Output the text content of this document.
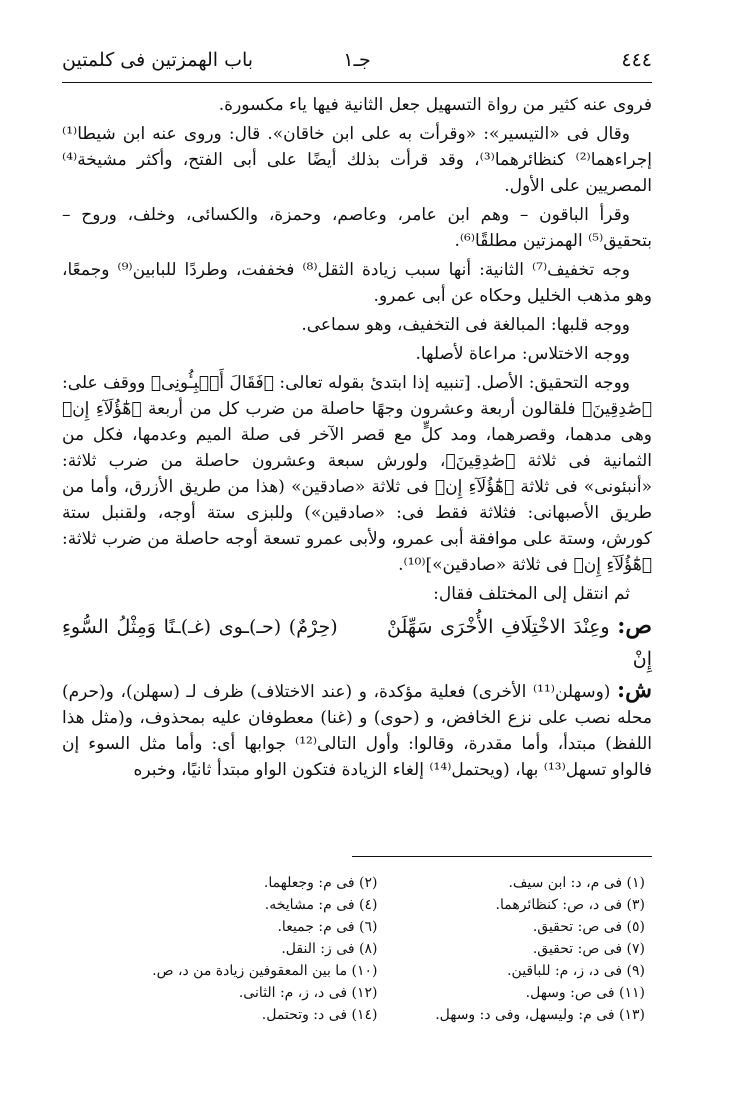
٤٤٤
جـ١
باب الهمزتين فى كلمتين

فروى عنه كثير من رواة التسهيل جعل الثانية فيها ياء مكسورة.

وقال فى «التيسير»: «وقرأت به على ابن خاقان». قال: وروى عنه ابن شيطا⁽¹⁾ إجراءهما⁽²⁾ كنظائرهما⁽³⁾، وقد قرأت بذلك أيضًا على أبى الفتح، وأكثر مشيخة⁽⁴⁾ المصريين على الأول.

وقرأ الباقون – وهم ابن عامر، وعاصم، وحمزة، والكسائى، وخلف، وروح – بتحقيق⁽⁵⁾ الهمزتين مطلقًا⁽⁶⁾.

وجه تخفيف⁽⁷⁾ الثانية: أنها سبب زيادة الثقل⁽⁸⁾ فخففت، وطردًا للبابين⁽⁹⁾ وجمعًا، وهو مذهب الخليل وحكاه عن أبى عمرو.

ووجه قلبها: المبالغة فى التخفيف، وهو سماعى.

ووجه الاختلاس: مراعاة لأصلها.

ووجه التحقيق: الأصل. [تنبيه إذا ابتدئ بقوله تعالى: ﴿فَقَالَ أَنۢبِـُٔونِى﴾ ووقف على: ﴿صَٰدِقِينَ﴾ فلقالون أربعة وعشرون وجهًا حاصلة من ضرب كل من أربعة ﴿هَٰٓؤُلَآءِ إِن﴾ وهى مدهما، وقصرهما، ومد كلٍّ مع قصر الآخر فى صلة الميم وعدمها، فكل من الثمانية فى ثلاثة ﴿صَٰدِقِينَ﴾، ولورش سبعة وعشرون حاصلة من ضرب ثلاثة: «أنبئونى» فى ثلاثة ﴿هَٰٓؤُلَآءِ إِن﴾ فى ثلاثة «صادقين» (هذا من طريق الأزرق، وأما من طريق الأصبهانى: فثلاثة فقط فى: «صادقين») وللبزى ستة أوجه، ولقنبل ستة كورش، وستة على موافقة أبى عمرو، ولأبى عمرو تسعة أوجه حاصلة من ضرب ثلاثة: ﴿هَٰٓؤُلَآءِ إِن﴾ فى ثلاثة «صادقين»]⁽¹⁰⁾.

ثم انتقل إلى المختلف فقال:

ص: وعِنْدَ الاخْتِلَافِ الأُخْرَى سَهِّلَنْ  (حِرْمٌ) (حـ)ـوى (غـ)ـنًا وَمِثْلُ السُّوءِ إِنْ

ش: (وسهلن⁽¹¹⁾ الأخرى) فعلية مؤكدة، و (عند الاختلاف) ظرف لـ (سهلن)، و(حرم) محله نصب على نزع الخافض، و (حوى) و (غنا) معطوفان عليه بمحذوف، و(مثل هذا اللفظ) مبتدأ، وأما مقدرة، وقالوا: وأول التالى⁽¹²⁾ جوابها أى: وأما مثل السوء إن فالواو تسهل⁽¹³⁾ بها، (ويحتمل⁽¹⁴⁾ إلغاء الزيادة فتكون الواو مبتدأ ثانيًا، وخبره

(١) فى م، د: ابن سيف.
(٢) فى م: وجعلهما.
(٣) فى د، ص: كنظائرهما.
(٤) فى م: مشايخه.
(٥) فى ص: تحقيق.
(٦) فى م: جميعا.
(٧) فى ص: تحقيق.
(٨) فى ز: النقل.
(٩) فى د، ز، م: للباقين.
(١٠) ما بين المعقوفين زيادة من د، ص.
(١١) فى ص: وسهل.
(١٢) فى د، ز، م: الثانى.
(١٣) فى م: وليسهل، وفى د: وسهل.
(١٤) فى د: وتحتمل.
